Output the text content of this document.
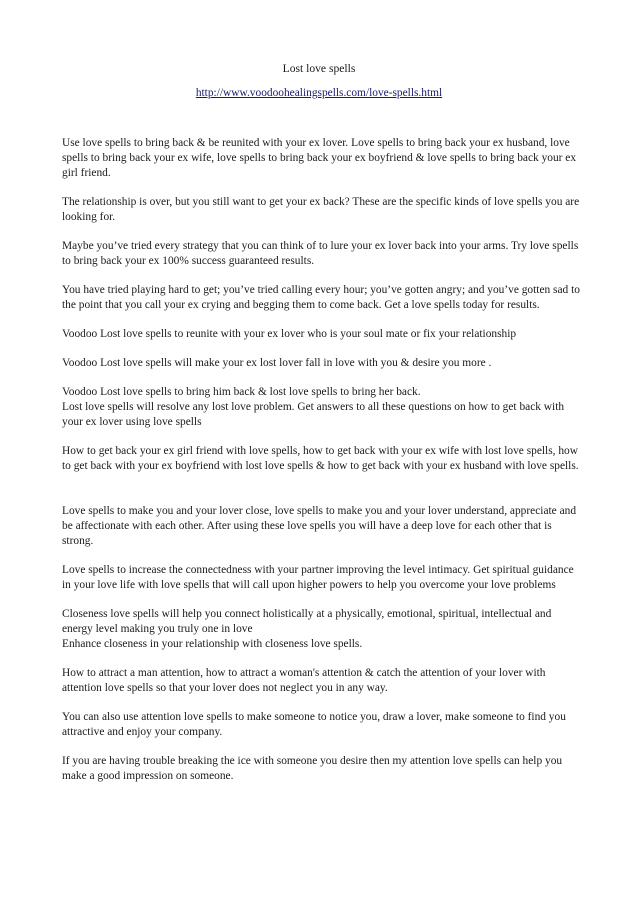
Lost love spells
http://www.voodoohealingspells.com/love-spells.html

Use love spells to bring back & be reunited with your ex lover. Love spells to bring back your ex husband, love spells to bring back your ex wife, love spells to bring back your ex boyfriend & love spells to bring back your ex girl friend.

The relationship is over, but you still want to get your ex back? These are the specific kinds of love spells you are looking for.

Maybe you’ve tried every strategy that you can think of to lure your ex lover back into your arms. Try love spells to bring back your ex 100% success guaranteed results.

You have tried playing hard to get; you’ve tried calling every hour; you’ve gotten angry; and you’ve gotten sad to the point that you call your ex crying and begging them to come back. Get a love spells today for results.

Voodoo Lost love spells to reunite with your ex lover who is your soul mate or fix your relationship

Voodoo Lost love spells will make your ex lost lover fall in love with you & desire you more .

Voodoo Lost love spells to bring him back & lost love spells to bring her back.
Lost love spells will resolve any lost love problem. Get answers to all these questions on how to get back with your ex lover using love spells

How to get back your ex girl friend with love spells, how to get back with your ex wife with lost love spells, how to get back with your ex boyfriend with lost love spells & how to get back with your ex husband with love spells.

Love spells to make you and your lover close, love spells to make you and your lover understand, appreciate and be affectionate with each other. After using these love spells you will have a deep love for each other that is strong.

Love spells to increase the connectedness with your partner improving the level intimacy. Get spiritual guidance in your love life with love spells that will call upon higher powers to help you overcome your love problems

Closeness love spells will help you connect holistically at a physically, emotional, spiritual, intellectual and energy level making you truly one in love
Enhance closeness in your relationship with closeness love spells.

How to attract a man attention, how to attract a woman's attention & catch the attention of your lover with attention love spells so that your lover does not neglect you in any way.

You can also use attention love spells to make someone to notice you, draw a lover, make someone to find you attractive and enjoy your company.

If you are having trouble breaking the ice with someone you desire then my attention love spells can help you make a good impression on someone.
